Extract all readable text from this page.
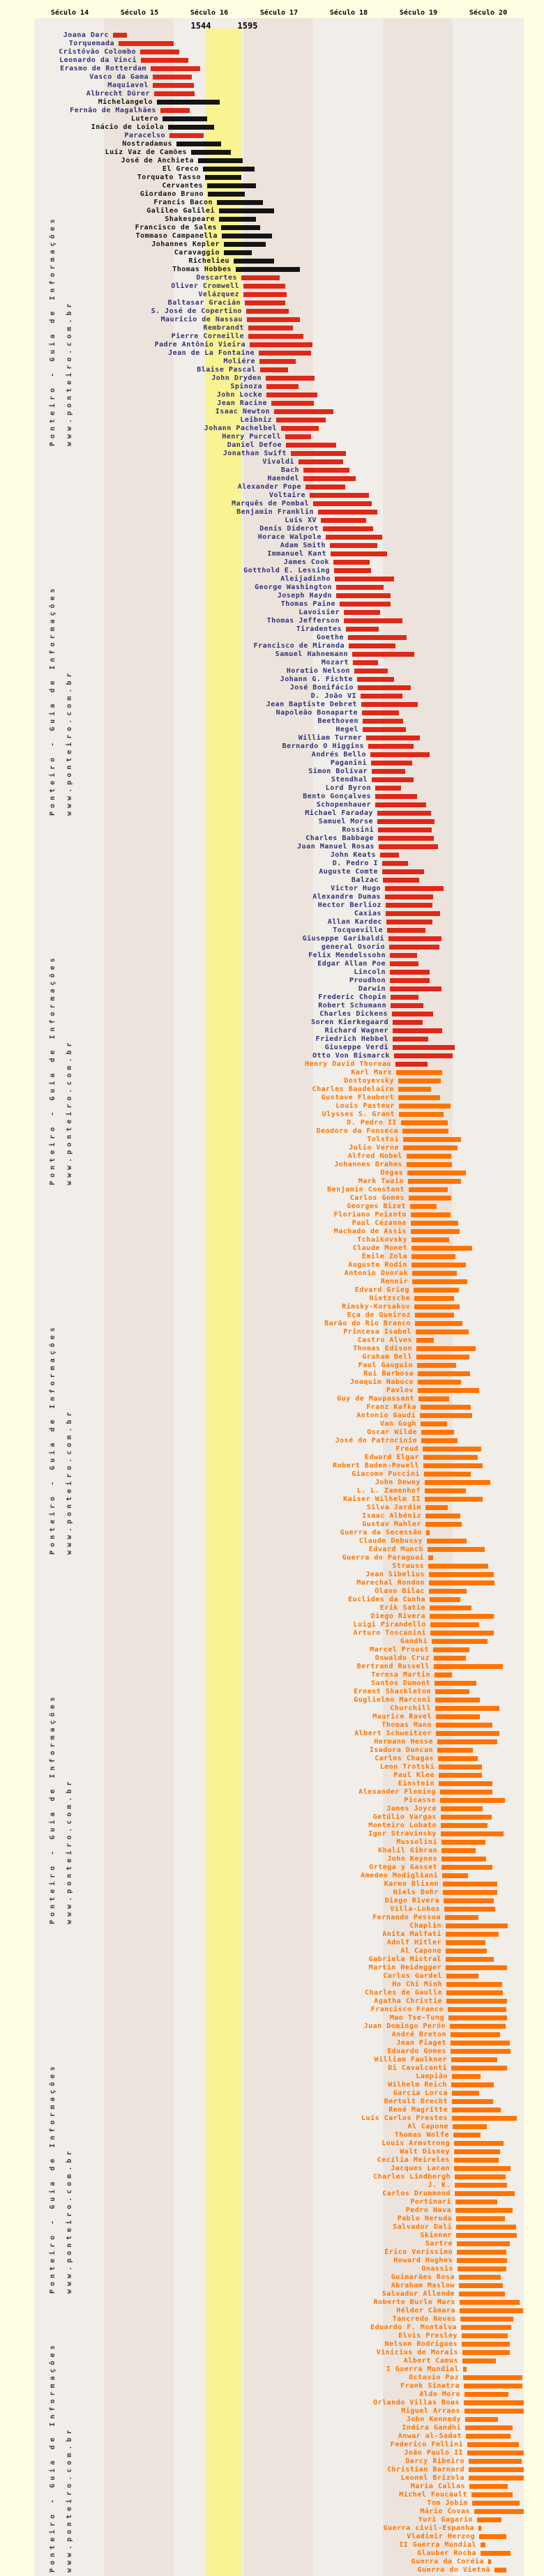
Século 14	Século 15	Século 16	Século 17	Século 18	Século 19	Século 20
1544	1595
Ponteiro - Guia de Informações www.ponteiro.com.br
Ponteiro - Guia de Informações www.ponteiro.com.br
Ponteiro - Guia de Informações www.ponteiro.com.br
Ponteiro - Guia de Informações www.ponteiro.com.br
Ponteiro - Guia de Informações www.ponteiro.com.br
Ponteiro - Guia de Informações www.ponteiro.com.br
Ponteiro - Guia de Informações www.ponteiro.com.br
Joana Darc
Torquemada
Cristóvão Colombo
Leonardo da Vinci
Erasmo de Rotterdam
Vasco da Gama
Maquiavel
Albrecht Dürer
Michelangelo
Fernão de Magalhães
Lutero
Inácio de Loiola
Paracelso
Nostradamus
Luíz Vaz de Camões
José de Anchieta
El Greco
Torquato Tasso
Cervantes
Giordano Bruno
Francis Bacon
Galileo Galilei
Shakespeare
Francisco de Sales
Tommaso Campanella
Johannes Kepler
Caravaggio
Richelieu
Thomas Hobbes
Descartes
Oliver Cromwell
Velázquez
Baltasar Gracián
S. José de Copertino
Mauricio de Nassau
Rembrandt
Pierre Corneille
Padre Antônio Vieira
Jean de La Fontaine
Moliére
Blaise Pascal
John Dryden
Spinoza
John Locke
Jean Racine
Isaac Newton
Leibniz
Johann Pachelbel
Henry Purcell
Daniel Defoe
Jonathan Swift
Vivaldi
Bach
Haendel
Alexander Pope
Voltaire
Marquês de Pombal
Benjamin Franklin
Luís XV
Denis Diderot
Horace Walpole
Adam Smith
Immanuel Kant
James Cook
Gotthold E. Lessing
Aleijadinho
George Washington
Joseph Haydn
Thomas Paine
Lavoisier
Thomas Jefferson
Tiradentes
Goethe
Francisco de Miranda
Samuel Hahnemann
Mozart
Horatio Nelson
Johann G. Fichte
José Bonifácio
D. João VI
Jean Baptiste Debret
Napoleão Bonaparte
Beethoven
Hegel
William Turner
Bernardo O Higgins
Andrés Bello
Paganini
Simon Bolívar
Stendhal
Lord Byron
Bento Gonçalves
Schopenhauer
Michael Faraday
Samuel Morse
Rossini
Charles Babbage
Juan Manuel Rosas
John Keats
D. Pedro I
Auguste Comte
Balzac
Victor Hugo
Alexandre Dumas
Hector Berlioz
Caxias
Allan Kardec
Tocqueville
Giuseppe Garibaldi
general Osorio
Felix Mendelssohn
Edgar Allan Poe
Lincoln
Proudhon
Darwin
Frederic Chopin
Robert Schumann
Charles Dickens
Soren Kierkegaard
Richard Wagner
Friedrich Hebbel
Giuseppe Verdi
Otto Von Bismarck
Henry David Thoreau
Karl Marx
Dostoyevsky
Charles Baudelaire
Gustave Flaubert
Louis Pasteur
Ulysses S. Grant
D. Pedro II
Deodoro da Fonseca
Tolstoi
Julio Verne
Alfred Nobel
Johannes Brahms
Degas
Mark Twain
Benjamin Constant
Carlos Gomes
Georges Bizet
Floriano Peixoto
Paul Cézanne
Machado de Assis
Tchaikovsky
Claude Monet
Émile Zola
Auguste Rodin
Antonin Dvorak
Renoir
Edvard Grieg
Nietzsche
Rimsky-Korsakov
Eça de Queiroz
Barão do Rio Branco
Princesa Isabel
Castro Alves
Thomas Edison
Graham Bell
Paul Gauguin
Rui Barbosa
Joaquim Nabuco
Pavlov
Guy de Maupassant
Franz Kafka
Antonio Gaudí
Van Gogh
Oscar Wilde
José do Patrocínio
Freud
Edward Elgar
Robert Baden-Powell
Giacomo Puccini
John Dewey
L. L. Zamenhof
Kaiser Wilhelm II
Silva Jardim
Isaac Albéniz
Gustav Mahler
Guerra da Secessão
Claude Debussy
Edvard Munch
Guerra do Paraguai
Strauss
Jean Sibelius
Marechal Rondon
Olavo Bilac
Euclides da Cunha
Erik Satie
Diego Rivera
Luigi Pirandello
Arturo Toscanini
Gandhi
Marcel Proust
Oswaldo Cruz
Bertrand Russell
Teresa Martin
Santos Dumont
Ernest Shackleton
Guglielmo Marconi
Churchill
Maurice Ravel
Thomas Mann
Albert Schweitzer
Hermann Hesse
Isadora Duncan
Carlos Chagas
Leon Trotski
Paul Klee
Einstein
Alexander Fleming
Picasso
James Joyce
Getúlio Vargas
Monteiro Lobato
Igor Stravinsky
Mussolini
Khalil Gibran
John Keynes
Ortega y Gasset
Amedeo Modigliani
Karen Blixen
Niels Bohr
Diego Rivera
Villa-Lobos
Fernando Pessoa
Chaplin
Anita Malfati
Adolf Hitler
Al Capone
Gabriela Mistral
Martin Heidegger
Carlos Gardel
Ho Chi Minh
Charles de Gaulle
Agatha Christie
Francisco Franco
Mao Tse-Tung
Juan Domingo Perón
André Breton
Jean Piaget
Eduardo Gomes
William Faulkner
Di Cavalcanti
Lampião
Wilhelm Reich
García Lorca
Bertolt Brecht
René Magritte
Luís Carlos Prestes
Al Capone
Thomas Wolfe
Louis Armstrong
Walt Disney
Cecília Meireles
Jacques Lacan
Charles Lindbergh
J. K.
Carlos Drummond
Portinari
Pedro Nava
Pablo Neruda
Salvador Dali
Skinner
Sartre
Érico Veríssimo
Howard Hughes
Onassis
Guimarães Rosa
Abraham Maslow
Salvador Allende
Roberto Burle Marx
Hélder Câmara
Tancredo Neves
Eduardo F. Montalva
Elvis Presley
Nelson Rodrigues
Vinícius de Morais
Albert Camus
I Guerra Mundial
Octavio Paz
Frank Sinatra
Aldo Moro
Orlando Villas Boas
Miguel Arraes
John Kennedy
Indira Gandhi
Anwar al-Sadat
Federico Fellini
João Paulo II
Darcy Ribeiro
Christian Barnard
Leonel Brizola
Maria Callas
Michel Foucault
Tom Jobim
Mário Covas
Yuri Gagarin
Guerra civil-Espanha
Vladimir Herzog
II Guerra Mundial
Glauber Rocha
Guerra da Coréia
Guerra do Vietnã
